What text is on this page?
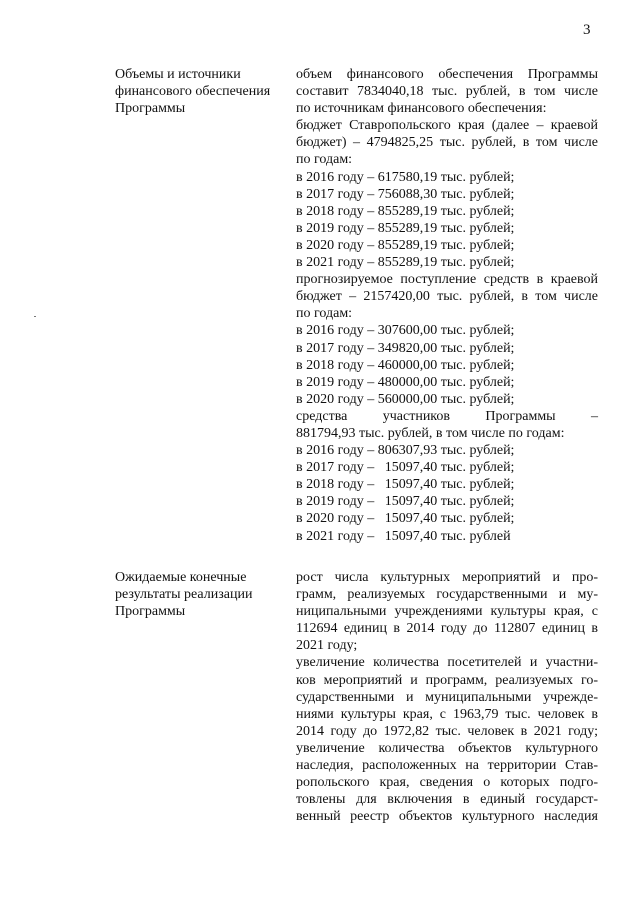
3
Объемы и источники
финансового обеспечения
Программы
объем финансового обеспечения Программы
составит 7834040,18 тыс. рублей, в том числе
по источникам финансового обеспечения:
бюджет Ставропольского края (далее – краевой
бюджет) – 4794825,25 тыс. рублей, в том числе
по годам:
в 2016 году – 617580,19 тыс. рублей;
в 2017 году – 756088,30 тыс. рублей;
в 2018 году – 855289,19 тыс. рублей;
в 2019 году – 855289,19 тыс. рублей;
в 2020 году – 855289,19 тыс. рублей;
в 2021 году – 855289,19 тыс. рублей;
прогнозируемое поступление средств в краевой
бюджет – 2157420,00 тыс. рублей, в том числе
по годам:
в 2016 году – 307600,00 тыс. рублей;
в 2017 году – 349820,00 тыс. рублей;
в 2018 году – 460000,00 тыс. рублей;
в 2019 году – 480000,00 тыс. рублей;
в 2020 году – 560000,00 тыс. рублей;
средства участников Программы –
881794,93 тыс. рублей, в том числе по годам:
в 2016 году – 806307,93 тыс. рублей;
в 2017 году –   15097,40 тыс. рублей;
в 2018 году –   15097,40 тыс. рублей;
в 2019 году –   15097,40 тыс. рублей;
в 2020 году –   15097,40 тыс. рублей;
в 2021 году –   15097,40 тыс. рублей
Ожидаемые конечные
результаты реализации
Программы
рост числа культурных мероприятий и про-
грамм, реализуемых государственными и му-
ниципальными учреждениями культуры края, с
112694 единиц в 2014 году до 112807 единиц в
2021 году;
увеличение количества посетителей и участни-
ков мероприятий и программ, реализуемых го-
сударственными и муниципальными учрежде-
ниями культуры края, с 1963,79 тыс. человек в
2014 году до 1972,82 тыс. человек в 2021 году;
увеличение количества объектов культурного
наследия, расположенных на территории Став-
ропольского края, сведения о которых подго-
товлены для включения в единый государст-
венный реестр объектов культурного наследия
